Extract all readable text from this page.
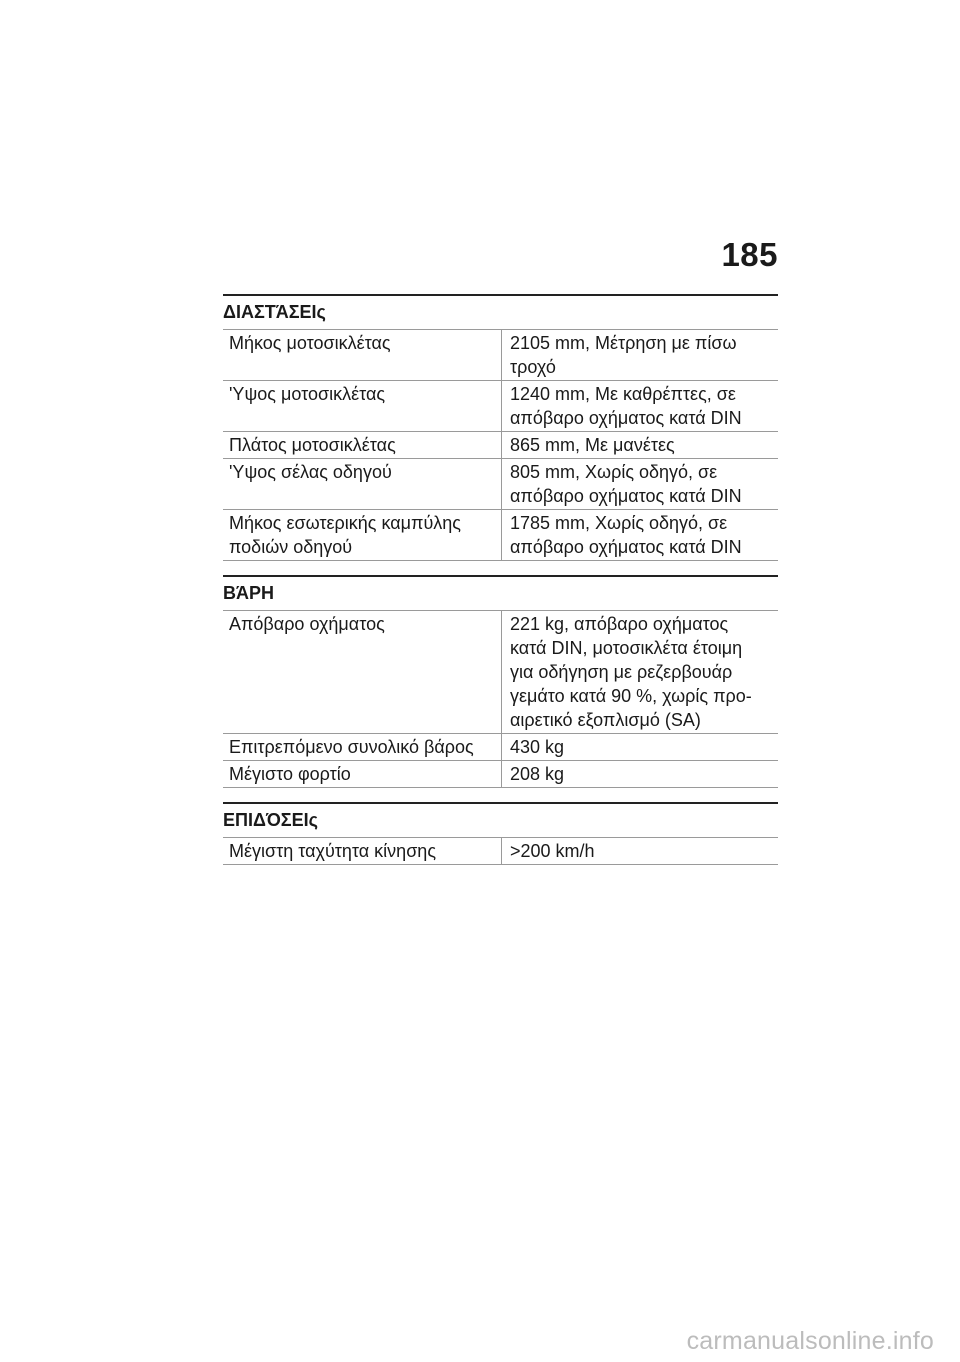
185
ΔΙΑΣΤΆΣΕΙς
Μήκος μοτοσικλέτας	2105 mm, Μέτρηση με πίσω τροχό
'Υψος μοτοσικλέτας	1240 mm, Με καθρέπτες, σε απόβαρο οχήματος κατά DIN
Πλάτος μοτοσικλέτας	865 mm, Με μανέτες
'Υψος σέλας οδηγού	805 mm, Χωρίς οδηγό, σε απόβαρο οχήματος κατά DIN
Μήκος εσωτερικής καμπύλης ποδιών οδηγού	1785 mm, Χωρίς οδηγό, σε απόβαρο οχήματος κατά DIN
ΒΆΡΗ
Απόβαρο οχήματος	221 kg, απόβαρο οχήματος κατά DIN, μοτοσικλέτα έτοιμη για οδήγηση με ρεζερβουάρ γεμάτο κατά 90 %, χωρίς προ- αιρετικό εξοπλισμό (SA)
Επιτρεπόμενο συνολικό βάρος	430 kg
Μέγιστο φορτίο	208 kg
ΕΠΙΔΌΣΕΙς
Μέγιστη ταχύτητα κίνησης	>200 km/h
carmanualsonline.info
